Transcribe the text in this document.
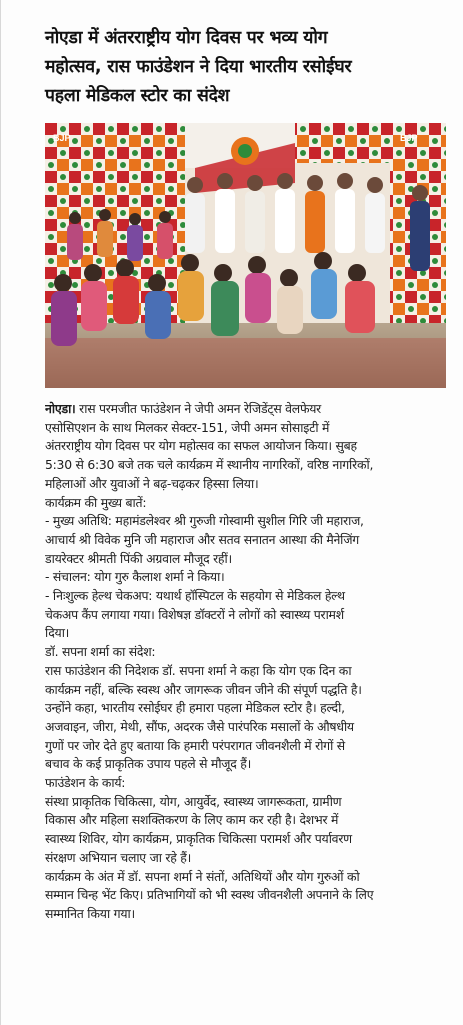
नोएडा में अंतरराष्ट्रीय योग दिवस पर भव्य योग
महोत्सव, रास फाउंडेशन ने दिया भारतीय रसोईघर
पहला मेडिकल स्टोर का संदेश
BJP	BJP
नोएडा। रास परमजीत फाउंडेशन ने जेपी अमन रेजिडेंट्स वेलफेयर
एसोसिएशन के साथ मिलकर सेक्टर-151, जेपी अमन सोसाइटी में
अंतरराष्ट्रीय योग दिवस पर योग महोत्सव का सफल आयोजन किया। सुबह
5:30 से 6:30 बजे तक चले कार्यक्रम में स्थानीय नागरिकों, वरिष्ठ नागरिकों,
महिलाओं और युवाओं ने बढ़-चढ़कर हिस्सा लिया।
कार्यक्रम की मुख्य बातें:
- मुख्य अतिथि: महामंडलेश्वर श्री गुरुजी गोस्वामी सुशील गिरि जी महाराज,
आचार्य श्री विवेक मुनि जी महाराज और सतव सनातन आस्था की मैनेजिंग
डायरेक्टर श्रीमती पिंकी अग्रवाल मौजूद रहीं।
- संचालन: योग गुरु कैलाश शर्मा ने किया।
- निःशुल्क हेल्थ चेकअप: यथार्थ हॉस्पिटल के सहयोग से मेडिकल हेल्थ
चेकअप कैंप लगाया गया। विशेषज्ञ डॉक्टरों ने लोगों को स्वास्थ्य परामर्श
दिया।
डॉ. सपना शर्मा का संदेश:
रास फाउंडेशन की निदेशक डॉ. सपना शर्मा ने कहा कि योग एक दिन का
कार्यक्रम नहीं, बल्कि स्वस्थ और जागरूक जीवन जीने की संपूर्ण पद्धति है।
उन्होंने कहा, भारतीय रसोईघर ही हमारा पहला मेडिकल स्टोर है। हल्दी,
अजवाइन, जीरा, मेथी, सौंफ, अदरक जैसे पारंपरिक मसालों के औषधीय
गुणों पर जोर देते हुए बताया कि हमारी परंपरागत जीवनशैली में रोगों से
बचाव के कई प्राकृतिक उपाय पहले से मौजूद हैं।
फाउंडेशन के कार्य:
संस्था प्राकृतिक चिकित्सा, योग, आयुर्वेद, स्वास्थ्य जागरूकता, ग्रामीण
विकास और महिला सशक्तिकरण के लिए काम कर रही है। देशभर में
स्वास्थ्य शिविर, योग कार्यक्रम, प्राकृतिक चिकित्सा परामर्श और पर्यावरण
संरक्षण अभियान चलाए जा रहे हैं।
कार्यक्रम के अंत में डॉ. सपना शर्मा ने संतों, अतिथियों और योग गुरुओं को
सम्मान चिन्ह भेंट किए। प्रतिभागियों को भी स्वस्थ जीवनशैली अपनाने के लिए
सम्मानित किया गया।
